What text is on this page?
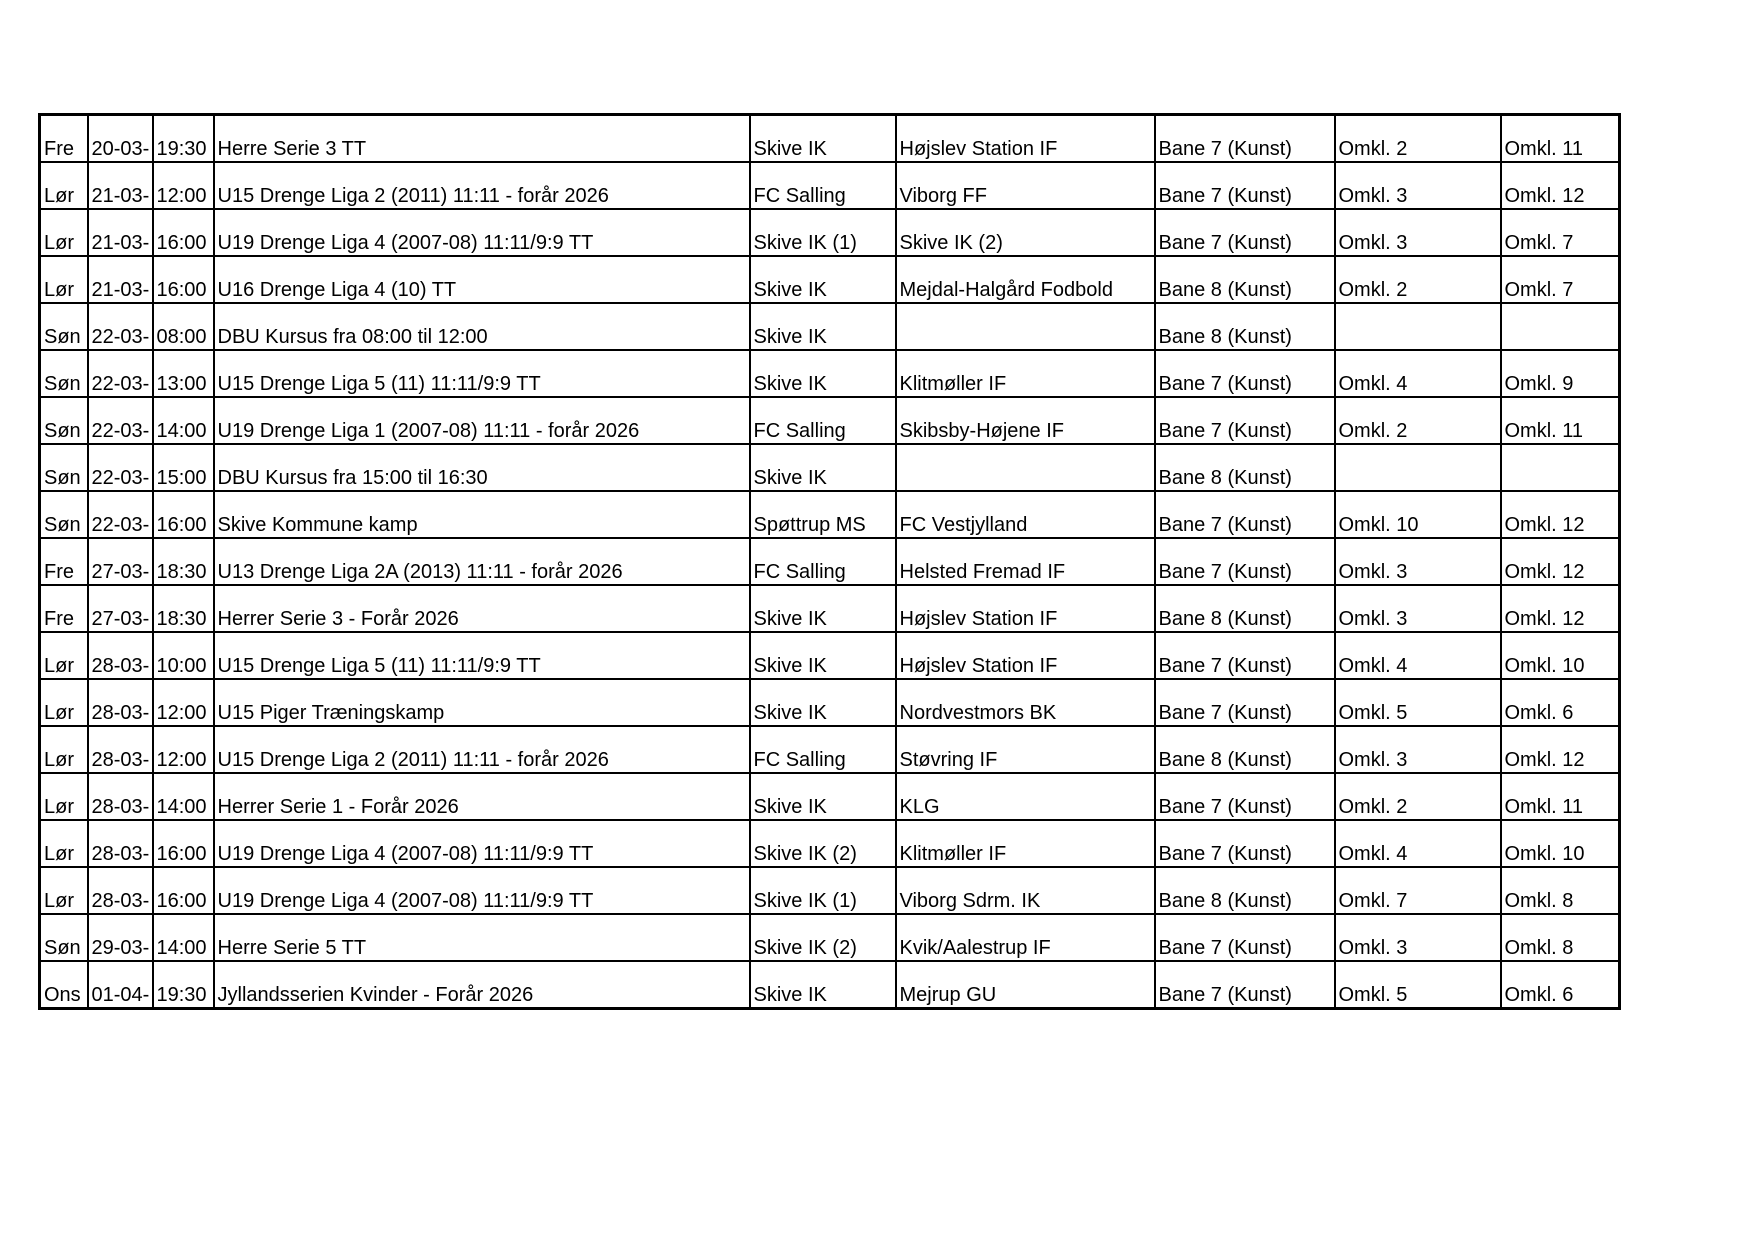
Fre	20-03-	19:30	Herre Serie 3 TT	Skive IK	Højslev Station IF	Bane 7 (Kunst)	Omkl. 2	Omkl. 11
Lør	21-03-	12:00	U15 Drenge Liga 2 (2011) 11:11 - forår 2026	FC Salling	Viborg FF	Bane 7 (Kunst)	Omkl. 3	Omkl. 12
Lør	21-03-	16:00	U19 Drenge Liga 4 (2007-08) 11:11/9:9 TT	Skive IK (1)	Skive IK (2)	Bane 7 (Kunst)	Omkl. 3	Omkl. 7
Lør	21-03-	16:00	U16 Drenge Liga 4 (10) TT	Skive IK	Mejdal-Halgård Fodbold	Bane 8 (Kunst)	Omkl. 2	Omkl. 7
Søn	22-03-	08:00	DBU Kursus fra 08:00 til 12:00	Skive IK		Bane 8 (Kunst)		
Søn	22-03-	13:00	U15 Drenge Liga 5 (11) 11:11/9:9 TT	Skive IK	Klitmøller IF	Bane 7 (Kunst)	Omkl. 4	Omkl. 9
Søn	22-03-	14:00	U19 Drenge Liga 1 (2007-08) 11:11 - forår 2026	FC Salling	Skibsby-Højene IF	Bane 7 (Kunst)	Omkl. 2	Omkl. 11
Søn	22-03-	15:00	DBU Kursus fra 15:00 til 16:30	Skive IK		Bane 8 (Kunst)		
Søn	22-03-	16:00	Skive Kommune kamp	Spøttrup MS	FC Vestjylland	Bane 7 (Kunst)	Omkl. 10	Omkl. 12
Fre	27-03-	18:30	U13 Drenge Liga 2A (2013) 11:11 - forår 2026	FC Salling	Helsted Fremad IF	Bane 7 (Kunst)	Omkl. 3	Omkl. 12
Fre	27-03-	18:30	Herrer Serie 3 - Forår 2026	Skive IK	Højslev Station IF	Bane 8 (Kunst)	Omkl. 3	Omkl. 12
Lør	28-03-	10:00	U15 Drenge Liga 5 (11) 11:11/9:9 TT	Skive IK	Højslev Station IF	Bane 7 (Kunst)	Omkl. 4	Omkl. 10
Lør	28-03-	12:00	U15 Piger Træningskamp	Skive IK	Nordvestmors BK	Bane 7 (Kunst)	Omkl. 5	Omkl. 6
Lør	28-03-	12:00	U15 Drenge Liga 2 (2011) 11:11 - forår 2026	FC Salling	Støvring IF	Bane 8 (Kunst)	Omkl. 3	Omkl. 12
Lør	28-03-	14:00	Herrer Serie 1 - Forår 2026	Skive IK	KLG	Bane 7 (Kunst)	Omkl. 2	Omkl. 11
Lør	28-03-	16:00	U19 Drenge Liga 4 (2007-08) 11:11/9:9 TT	Skive IK (2)	Klitmøller IF	Bane 7 (Kunst)	Omkl. 4	Omkl. 10
Lør	28-03-	16:00	U19 Drenge Liga 4 (2007-08) 11:11/9:9 TT	Skive IK (1)	Viborg Sdrm. IK	Bane 8 (Kunst)	Omkl. 7	Omkl. 8
Søn	29-03-	14:00	Herre Serie 5 TT	Skive IK (2)	Kvik/Aalestrup IF	Bane 7 (Kunst)	Omkl. 3	Omkl. 8
Ons	01-04-	19:30	Jyllandsserien Kvinder - Forår 2026	Skive IK	Mejrup GU	Bane 7 (Kunst)	Omkl. 5	Omkl. 6
